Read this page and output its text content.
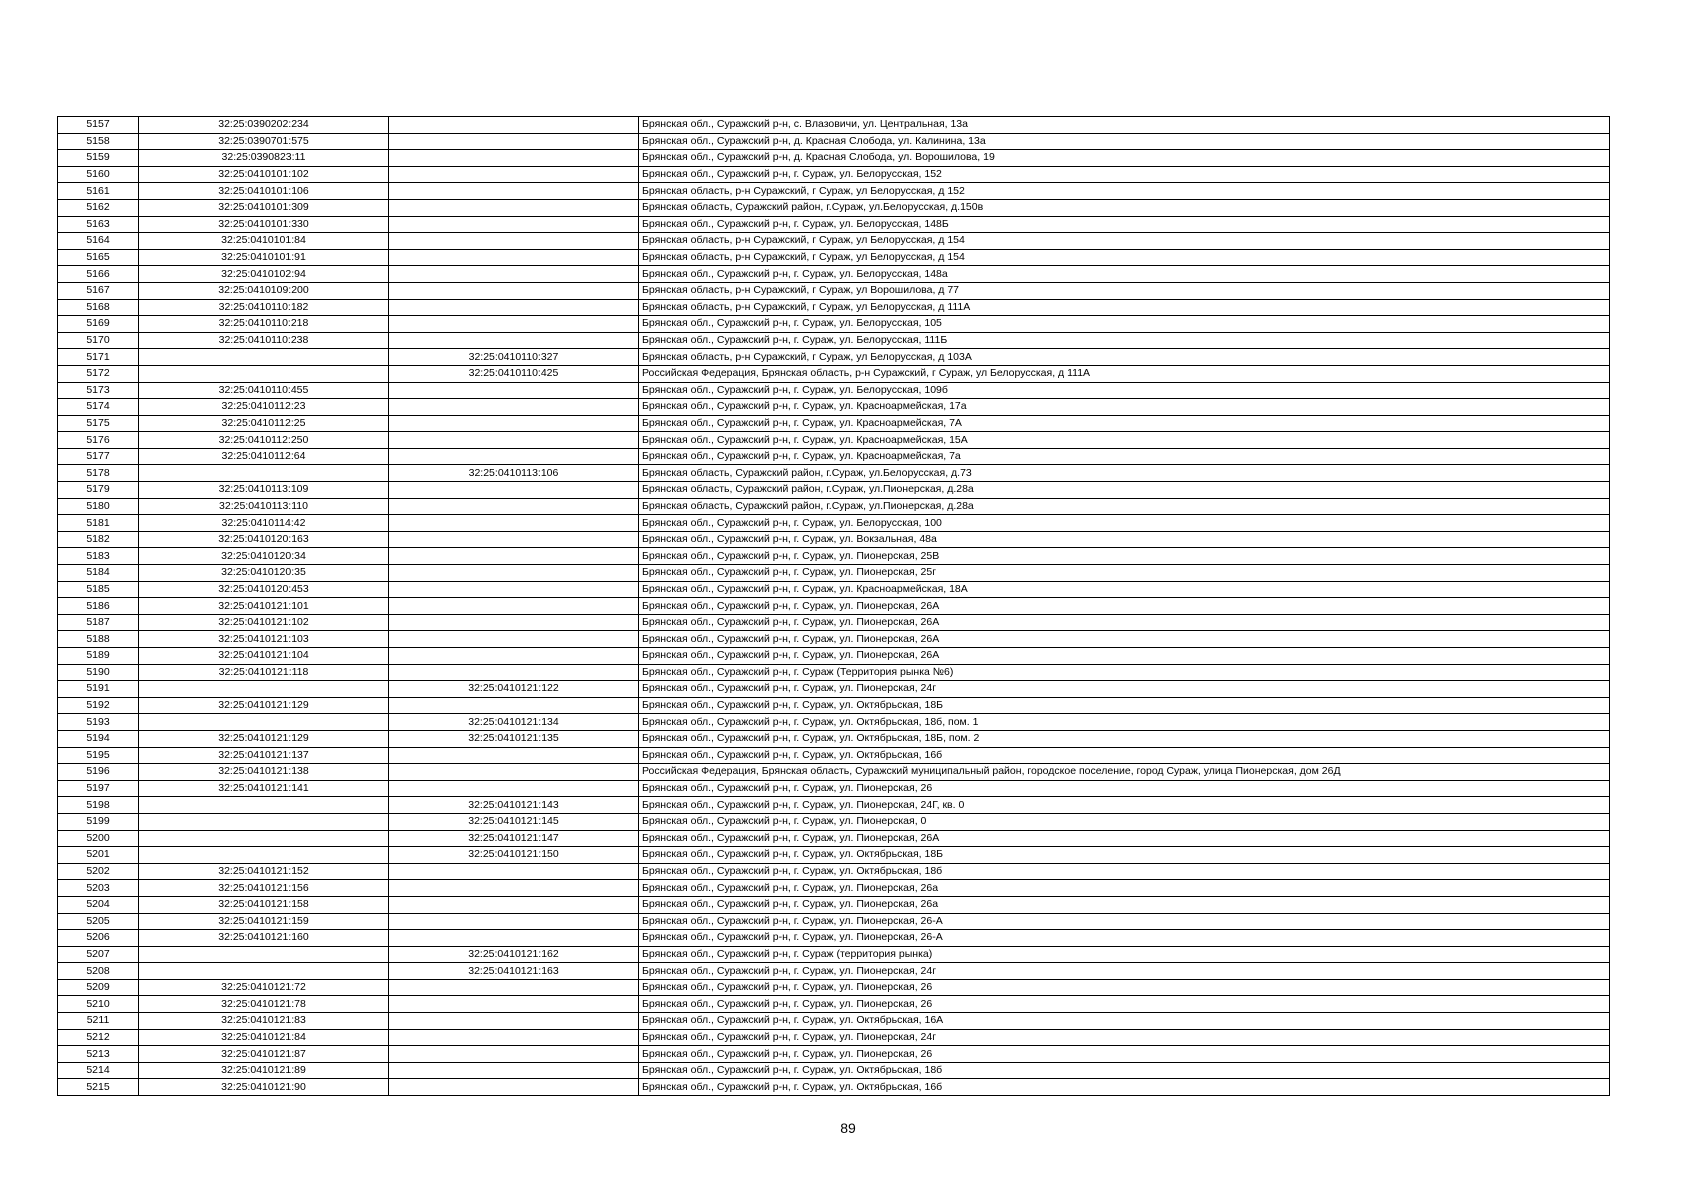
5157	32:25:0390202:234		Брянская обл., Суражский р-н, с. Влазовичи, ул. Центральная, 13а
5158	32:25:0390701:575		Брянская обл., Суражский р-н, д. Красная Слобода, ул. Калинина, 13а
5159	32:25:0390823:11		Брянская обл., Суражский р-н, д. Красная Слобода, ул. Ворошилова, 19
5160	32:25:0410101:102		Брянская обл., Суражский р-н, г. Сураж, ул. Белорусская, 152
5161	32:25:0410101:106		Брянская область, р-н Суражский, г Сураж, ул Белорусская, д 152
5162	32:25:0410101:309		Брянская область, Суражский район, г.Сураж, ул.Белорусская, д.150в
5163	32:25:0410101:330		Брянская обл., Суражский р-н, г. Сураж, ул. Белорусская, 148Б
5164	32:25:0410101:84		Брянская область, р-н Суражский, г Сураж, ул Белорусская, д 154
5165	32:25:0410101:91		Брянская область, р-н Суражский, г Сураж, ул Белорусская, д 154
5166	32:25:0410102:94		Брянская обл., Суражский р-н, г. Сураж, ул. Белорусская, 148а
5167	32:25:0410109:200		Брянская область, р-н Суражский, г Сураж, ул Ворошилова, д 77
5168	32:25:0410110:182		Брянская область, р-н Суражский, г Сураж, ул Белорусская, д 111А
5169	32:25:0410110:218		Брянская обл., Суражский р-н, г. Сураж, ул. Белорусская, 105
5170	32:25:0410110:238		Брянская обл., Суражский р-н, г. Сураж, ул. Белорусская, 111Б
5171		32:25:0410110:327	Брянская область, р-н Суражский, г Сураж, ул Белорусская, д 103А
5172		32:25:0410110:425	Российская Федерация, Брянская область, р-н Суражский, г Сураж, ул Белорусская, д 111А
5173	32:25:0410110:455		Брянская обл., Суражский р-н, г. Сураж, ул. Белорусская, 109б
5174	32:25:0410112:23		Брянская обл., Суражский р-н, г. Сураж, ул. Красноармейская, 17а
5175	32:25:0410112:25		Брянская обл., Суражский р-н, г. Сураж, ул. Красноармейская, 7А
5176	32:25:0410112:250		Брянская обл., Суражский р-н, г. Сураж, ул. Красноармейская, 15А
5177	32:25:0410112:64		Брянская обл., Суражский р-н, г. Сураж, ул. Красноармейская, 7а
5178		32:25:0410113:106	Брянская область, Суражский район, г.Сураж, ул.Белорусская, д.73
5179	32:25:0410113:109		Брянская область, Суражский район, г.Сураж, ул.Пионерская, д.28а
5180	32:25:0410113:110		Брянская область, Суражский район, г.Сураж, ул.Пионерская, д.28а
5181	32:25:0410114:42		Брянская обл., Суражский р-н, г. Сураж, ул. Белорусская, 100
5182	32:25:0410120:163		Брянская обл., Суражский р-н, г. Сураж, ул. Вокзальная, 48а
5183	32:25:0410120:34		Брянская обл., Суражский р-н, г. Сураж, ул. Пионерская, 25В
5184	32:25:0410120:35		Брянская обл., Суражский р-н, г. Сураж, ул. Пионерская, 25г
5185	32:25:0410120:453		Брянская обл., Суражский р-н, г. Сураж, ул. Красноармейская, 18А
5186	32:25:0410121:101		Брянская обл., Суражский р-н, г. Сураж, ул. Пионерская, 26А
5187	32:25:0410121:102		Брянская обл., Суражский р-н, г. Сураж, ул. Пионерская, 26А
5188	32:25:0410121:103		Брянская обл., Суражский р-н, г. Сураж, ул. Пионерская, 26А
5189	32:25:0410121:104		Брянская обл., Суражский р-н, г. Сураж, ул. Пионерская, 26А
5190	32:25:0410121:118		Брянская обл., Суражский р-н, г. Сураж (Территория рынка №6)
5191		32:25:0410121:122	Брянская обл., Суражский р-н, г. Сураж, ул. Пионерская, 24г
5192	32:25:0410121:129		Брянская обл., Суражский р-н, г. Сураж, ул. Октябрьская, 18Б
5193		32:25:0410121:134	Брянская обл., Суражский р-н, г. Сураж, ул. Октябрьская, 18б, пом. 1
5194	32:25:0410121:129	32:25:0410121:135	Брянская обл., Суражский р-н, г. Сураж, ул. Октябрьская, 18Б, пом. 2
5195	32:25:0410121:137		Брянская обл., Суражский р-н, г. Сураж, ул. Октябрьская, 16б
5196	32:25:0410121:138		Российская Федерация, Брянская область, Суражский муниципальный район, городское поселение, город Сураж, улица Пионерская, дом 26Д
5197	32:25:0410121:141		Брянская обл., Суражский р-н, г. Сураж, ул. Пионерская, 26
5198		32:25:0410121:143	Брянская обл., Суражский р-н, г. Сураж, ул. Пионерская, 24Г, кв. 0
5199		32:25:0410121:145	Брянская обл., Суражский р-н, г. Сураж, ул. Пионерская, 0
5200		32:25:0410121:147	Брянская обл., Суражский р-н, г. Сураж, ул. Пионерская, 26А
5201		32:25:0410121:150	Брянская обл., Суражский р-н, г. Сураж, ул. Октябрьская, 18Б
5202	32:25:0410121:152		Брянская обл., Суражский р-н, г. Сураж, ул. Октябрьская, 18б
5203	32:25:0410121:156		Брянская обл., Суражский р-н, г. Сураж, ул. Пионерская, 26а
5204	32:25:0410121:158		Брянская обл., Суражский р-н, г. Сураж, ул. Пионерская, 26а
5205	32:25:0410121:159		Брянская обл., Суражский р-н, г. Сураж, ул. Пионерская, 26-А
5206	32:25:0410121:160		Брянская обл., Суражский р-н, г. Сураж, ул. Пионерская, 26-А
5207		32:25:0410121:162	Брянская обл., Суражский р-н, г. Сураж (территория рынка)
5208		32:25:0410121:163	Брянская обл., Суражский р-н, г. Сураж, ул. Пионерская, 24г
5209	32:25:0410121:72		Брянская обл., Суражский р-н, г. Сураж, ул. Пионерская, 26
5210	32:25:0410121:78		Брянская обл., Суражский р-н, г. Сураж, ул. Пионерская, 26
5211	32:25:0410121:83		Брянская обл., Суражский р-н, г. Сураж, ул. Октябрьская, 16А
5212	32:25:0410121:84		Брянская обл., Суражский р-н, г. Сураж, ул. Пионерская, 24г
5213	32:25:0410121:87		Брянская обл., Суражский р-н, г. Сураж, ул. Пионерская, 26
5214	32:25:0410121:89		Брянская обл., Суражский р-н, г. Сураж, ул. Октябрьская, 18б
5215	32:25:0410121:90		Брянская обл., Суражский р-н, г. Сураж, ул. Октябрьская, 16б
89
